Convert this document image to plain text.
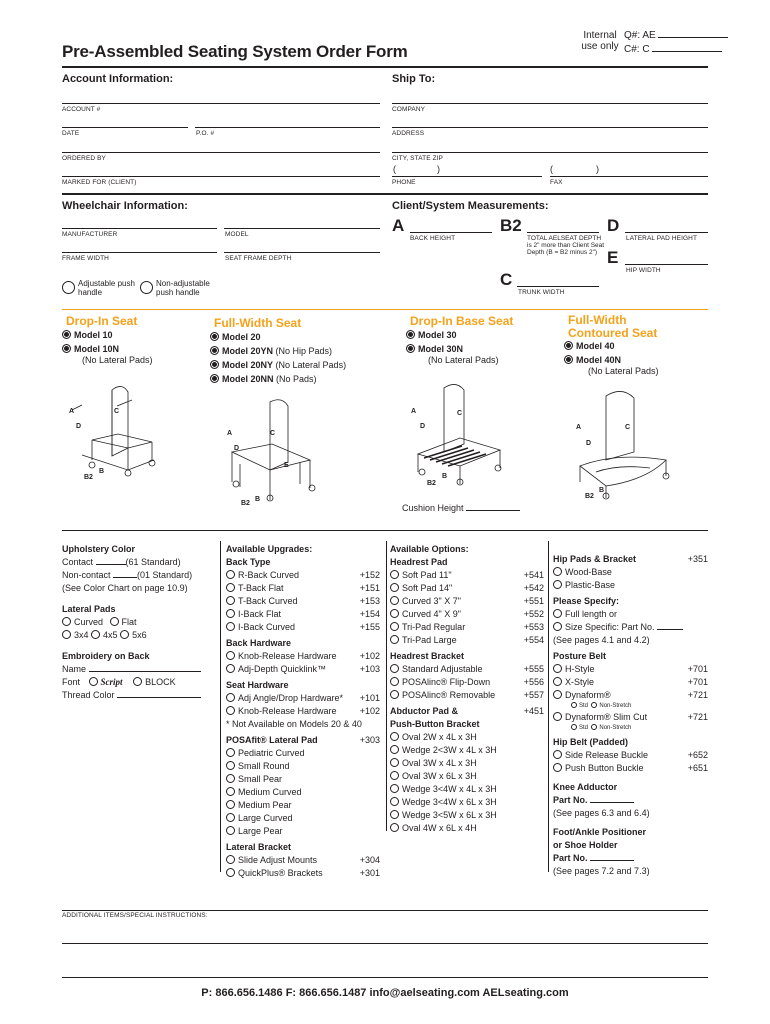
Pre-Assembled Seating System Order Form
Internal use only
Q#: AE
C#: C
Account Information:	Ship To:
ACCOUNT #
DATE	P.O. #
ORDERED BY
MARKED FOR (CLIENT)
COMPANY
ADDRESS
CITY, STATE ZIP
(	)	(	)
PHONE	FAX
Wheelchair Information:
MANUFACTURER	MODEL
FRAME WIDTH	SEAT FRAME DEPTH
Adjustable push handle
Non-adjustable push handle
Client/System Measurements:
A
BACK HEIGHT
B2
TOTAL AELSEAT DEPTH is 2" more than Client Seat Depth (B = B2 minus 2")
D
LATERAL PAD HEIGHT
E
HIP WIDTH
C
TRUNK WIDTH
Drop-In Seat
Model 10
Model 10N
(No Lateral Pads)
Full-Width Seat
Model 20
Model 20YN (No Hip Pads)
Model 20NY (No Lateral Pads)
Model 20NN (No Pads)
Drop-In Base Seat
Model 30
Model 30N
(No Lateral Pads)
Full-Width
Contoured Seat
Model 40
Model 40N
(No Lateral Pads)
A	C
D
B
B2
A	C
D
E
B
B2
A	C
D
B
B2
Cushion Height
A	C
D
B
B2
Upholstery Color
Contact	(61 Standard)
Non-contact	(01 Standard)
(See Color Chart on page 10.9)
Lateral Pads
Curved Flat
3x4 4x5 5x6
Embroidery on Back
Name
Font Script	BLOCK
Thread Color
Available Upgrades:
Back Type
R-Back Curved	+152
T-Back Flat	+151
T-Back Curved	+153
I-Back Flat	+154
I-Back Curved	+155
Back Hardware
Knob-Release Hardware	+102
Adj-Depth Quicklink™	+103
Seat Hardware
Adj Angle/Drop Hardware* +101
Knob-Release Hardware	+102
* Not Available on Models 20 & 40
POSAfit® Lateral Pad	+303
Pediatric Curved
Small Round
Small Pear
Medium Curved
Medium Pear
Large Curved
Large Pear
Lateral Bracket
Slide Adjust Mounts	+304
QuickPlus® Brackets	+301
Available Options:
Headrest Pad
Soft Pad 11"	+541
Soft Pad 14"	+542
Curved 3" X 7"	+551
Curved 4" X 9"	+552
Tri-Pad Regular	+553
Tri-Pad Large	+554
Headrest Bracket
Standard Adjustable	+555
POSAlinc® Flip-Down	+556
POSAlinc® Removable	+557
Abductor Pad &	+451
Push-Button Bracket
Oval 2W x 4L x 3H
Wedge 2<3W x 4L x 3H
Oval 3W x 4L x 3H
Oval 3W x 6L x 3H
Wedge 3<4W x 4L x 3H
Wedge 3<4W x 6L x 3H
Wedge 3<5W x 6L x 3H
Oval 4W x 6L x 4H
Hip Pads & Bracket	+351
Wood-Base
Plastic-Base
Please Specify:
Full length or
Size Specific: Part No.
(See pages 4.1 and 4.2)
Posture Belt
H-Style	+701
X-Style	+701
Dynaform®	+721
Std Non-Stretch
Dynaform® Slim Cut	+721
Std Non-Stretch
Hip Belt (Padded)
Side Release Buckle	+652
Push Button Buckle	+651
Knee Adductor
Part No.
(See pages 6.3 and 6.4)
Foot/Ankle Positioner
or Shoe Holder
Part No.
(See pages 7.2 and 7.3)
ADDITIONAL ITEMS/SPECIAL INSTRUCTIONS:
P: 866.656.1486 F: 866.656.1487 info@aelseating.com AELseating.com
